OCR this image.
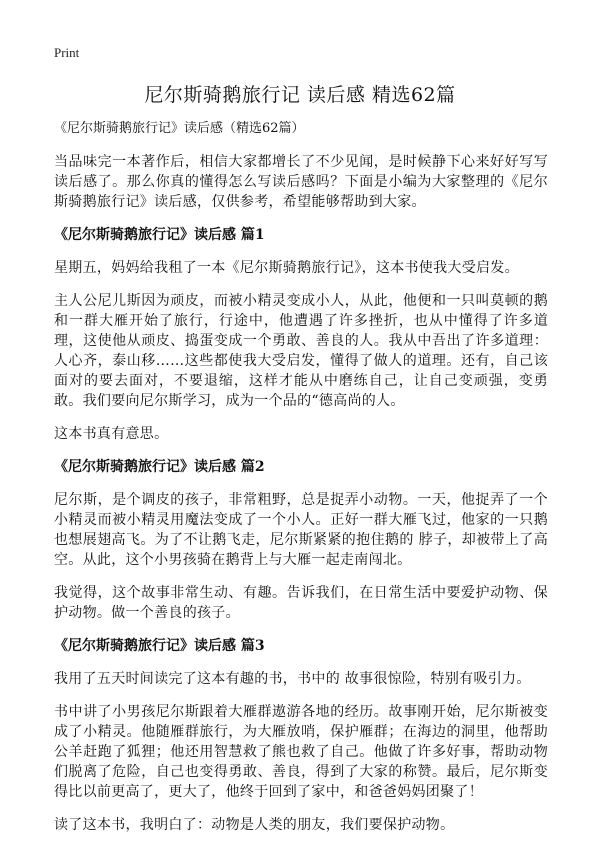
Print
尼尔斯骑鹅旅行记 读后感 精选62篇
《尼尔斯骑鹅旅行记》读后感（精选62篇）

当品味完一本著作后，相信大家都增长了不少见闻，是时候静下心来好好写写读后感了。那么你真的懂得怎么写读后感吗？下面是小编为大家整理的《尼尔斯骑鹅旅行记》读后感，仅供参考，希望能够帮助到大家。

《尼尔斯骑鹅旅行记》读后感 篇1

星期五，妈妈给我租了一本《尼尔斯骑鹅旅行记》，这本书使我大受启发。

主人公尼儿斯因为顽皮，而被小精灵变成小人，从此，他便和一只叫莫顿的鹅和一群大雁开始了旅行，行途中，他遭遇了许多挫折，也从中懂得了许多道理，这使他从顽皮、捣蛋变成一个勇敢、善良的人。我从中吾出了许多道理：人心齐，泰山移……这些都使我大受启发，懂得了做人的道理。还有，自己该面对的要去面对，不要退缩，这样才能从中磨练自己，让自己变顽强，变勇敢。我们要向尼尔斯学习，成为一个品的“德高尚的人。

这本书真有意思。

《尼尔斯骑鹅旅行记》读后感 篇2

尼尔斯，是个调皮的孩子，非常粗野，总是捉弄小动物。一天，他捉弄了一个小精灵而被小精灵用魔法变成了一个小人。正好一群大雁飞过，他家的一只鹅也想展翅高飞。为了不让鹅飞走，尼尔斯紧紧的抱住鹅的 脖子，却被带上了高空。从此，这个小男孩骑在鹅背上与大雁一起走南闯北。

我觉得，这个故事非常生动、有趣。告诉我们，在日常生活中要爱护动物、保护动物。做一个善良的孩子。

《尼尔斯骑鹅旅行记》读后感 篇3

我用了五天时间读完了这本有趣的书，书中的 故事很惊险，特别有吸引力。

书中讲了小男孩尼尔斯跟着大雁群遨游各地的经历。故事刚开始，尼尔斯被变成了小精灵。他随雁群旅行，为大雁放哨，保护雁群；在海边的洞里，他帮助公羊赶跑了狐狸；他还用智慧救了熊也救了自己。他做了许多好事，帮助动物们脱离了危险，自己也变得勇敢、善良，得到了大家的称赞。最后，尼尔斯变得比以前更高了，更大了，他终于回到了家中，和爸爸妈妈团聚了！

读了这本书，我明白了：动物是人类的朋友，我们要保护动物。
